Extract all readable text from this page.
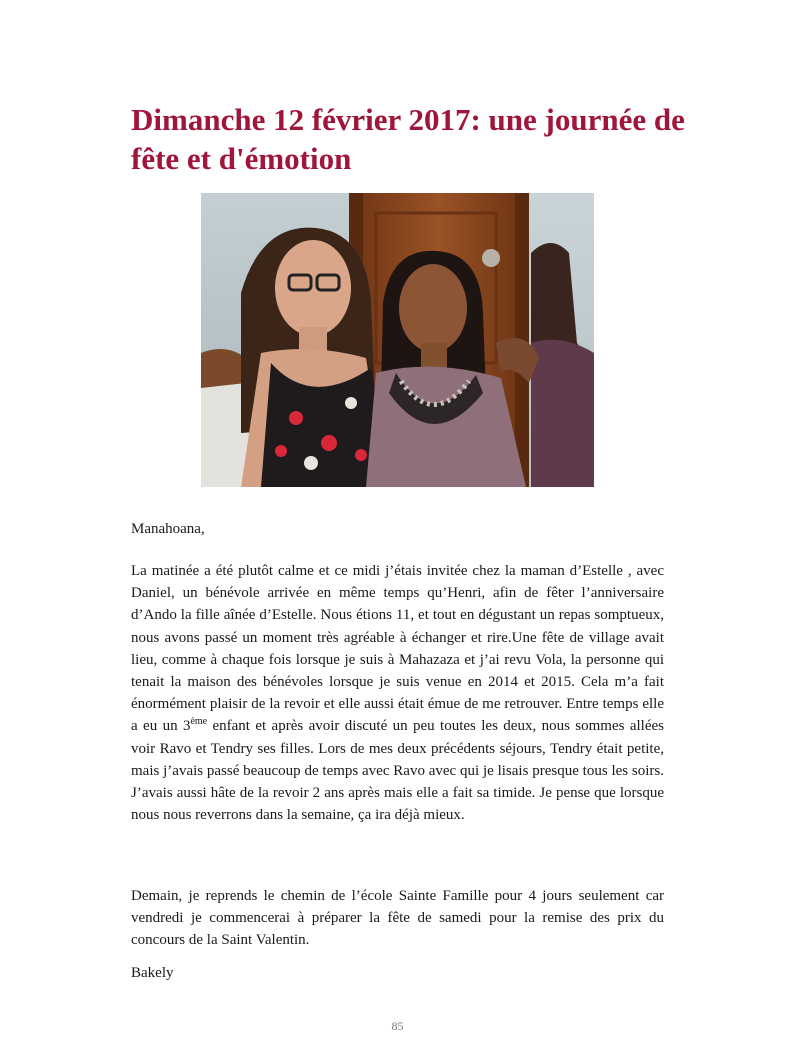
Dimanche 12 février 2017: une journée de fête et d'émotion

Manahoana,

La matinée a été plutôt calme et ce midi j’étais invitée chez la maman d’Estelle , avec Daniel, un bénévole arrivée en même temps qu’Henri, afin de fêter l’anniversaire d’Ando la fille aînée d’Estelle. Nous étions 11, et tout en dégustant un repas somptueux, nous avons passé un moment très agréable à échanger et rire.Une fête de village avait lieu, comme à chaque fois lorsque je suis à Mahazaza et j’ai revu Vola, la personne qui tenait la maison des bénévoles lorsque je suis venue en 2014 et 2015. Cela m’a fait énormément plaisir de la revoir et elle aussi était émue de me retrouver. Entre temps elle a eu un 3ème enfant et après avoir discuté un peu toutes les deux, nous sommes allées voir Ravo et Tendry ses filles. Lors de mes deux précédents séjours, Tendry était petite, mais j’avais passé beaucoup de temps avec Ravo avec qui je lisais presque tous les soirs. J’avais aussi hâte de la revoir 2 ans après mais elle a fait sa timide. Je pense que lorsque nous nous reverrons dans la semaine, ça ira déjà mieux.

Demain, je reprends le chemin de l’école Sainte Famille pour 4 jours seulement car vendredi je commencerai à préparer la fête de samedi pour la remise des prix du concours de la Saint Valentin.

Bakely

85
